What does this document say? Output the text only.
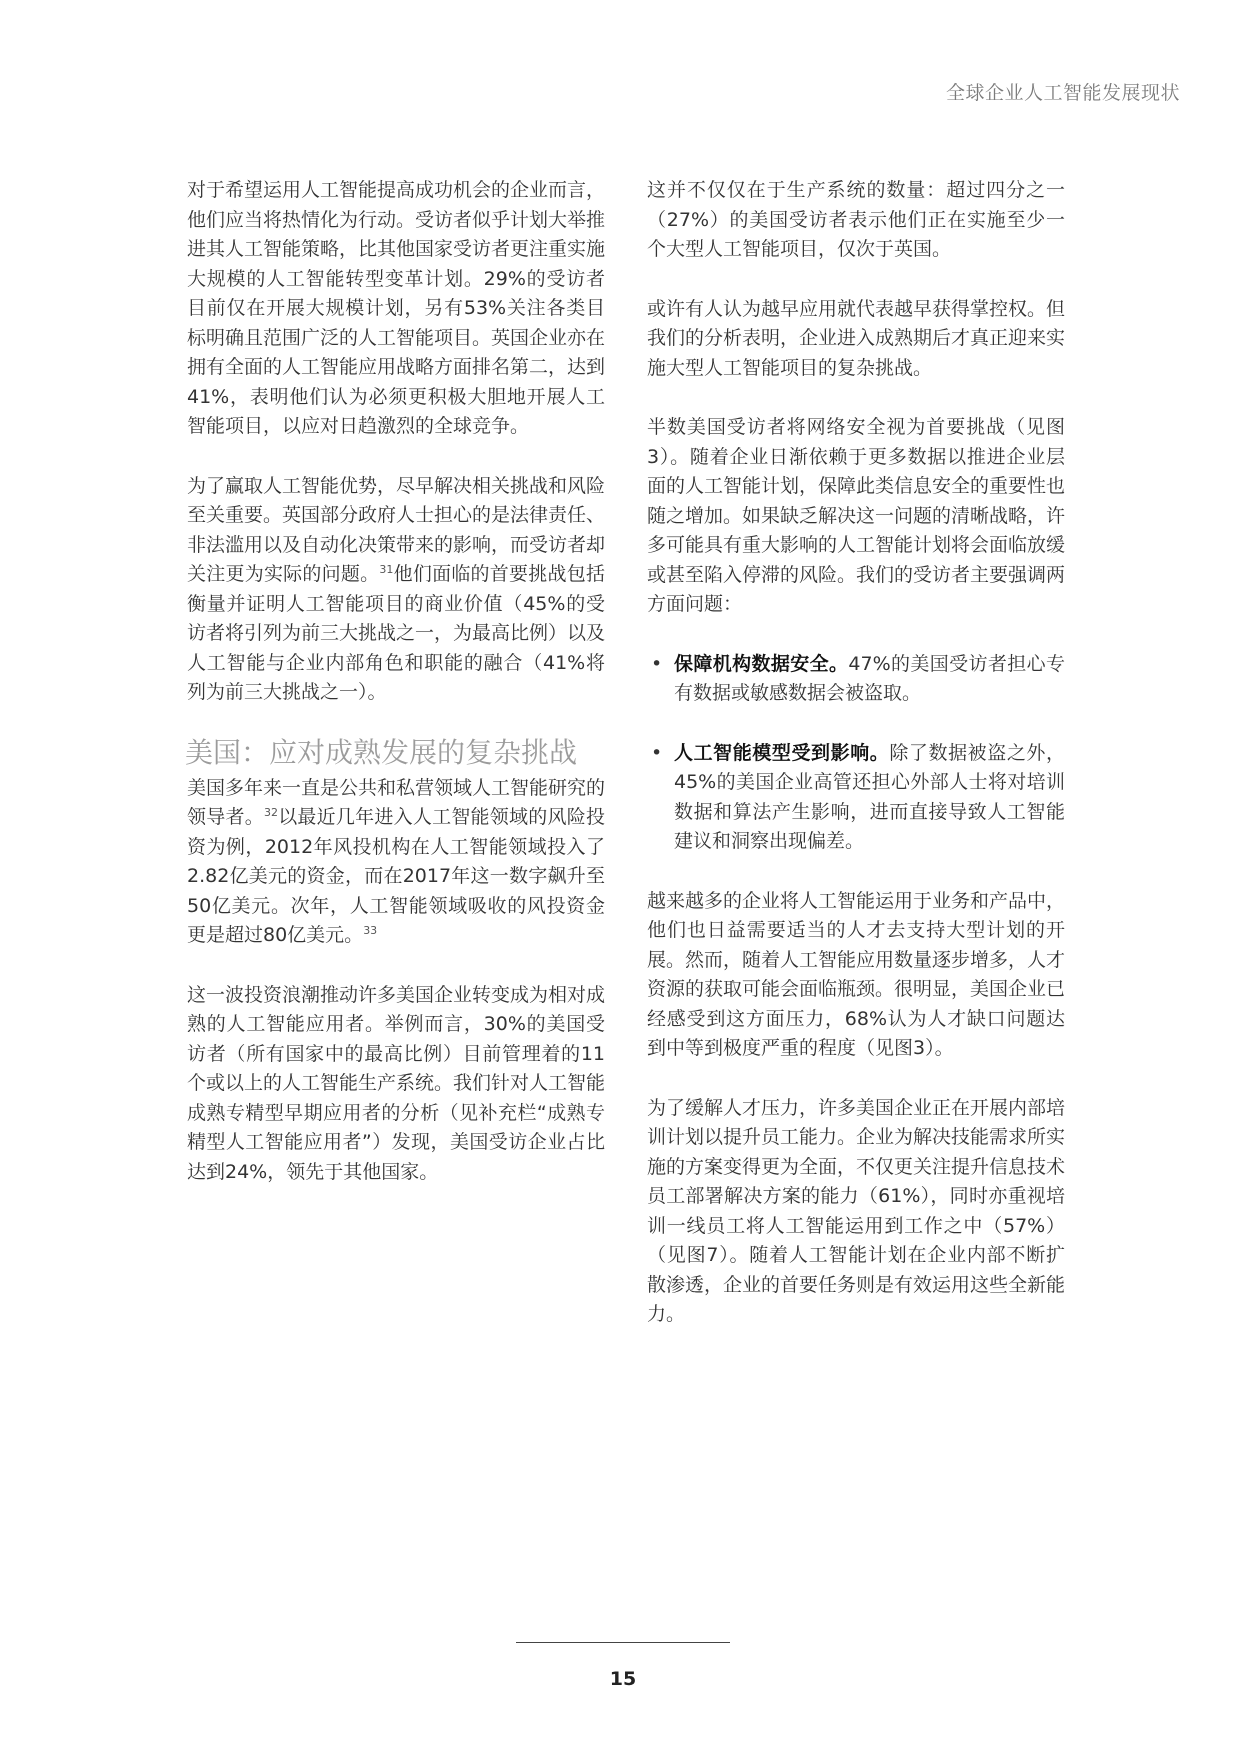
全球企业人工智能发展现状

对于希望运用人工智能提高成功机会的企业而言，他们应当将热情化为行动。受访者似乎计划大举推进其人工智能策略，比其他国家受访者更注重实施大规模的人工智能转型变革计划。29%的受访者目前仅在开展大规模计划，另有53%关注各类目标明确且范围广泛的人工智能项目。英国企业亦在拥有全面的人工智能应用战略方面排名第二，达到41%，表明他们认为必须更积极大胆地开展人工智能项目，以应对日趋激烈的全球竞争。

为了赢取人工智能优势，尽早解决相关挑战和风险至关重要。英国部分政府人士担心的是法律责任、非法滥用以及自动化决策带来的影响，而受访者却关注更为实际的问题。$^{31}$他们面临的首要挑战包括衡量并证明人工智能项目的商业价值（45%的受访者将引列为前三大挑战之一，为最高比例）以及人工智能与企业内部角色和职能的融合（41%将列为前三大挑战之一）。

美国：应对成熟发展的复杂挑战

美国多年来一直是公共和私营领域人工智能研究的领导者。$^{32}$以最近几年进入人工智能领域的风险投资为例，2012年风投机构在人工智能领域投入了2.82亿美元的资金，而在2017年这一数字飙升至50亿美元。次年，人工智能领域吸收的风投资金更是超过80亿美元。$^{33}$

这一波投资浪潮推动许多美国企业转变成为相对成熟的人工智能应用者。举例而言，30%的美国受访者（所有国家中的最高比例）目前管理着的11个或以上的人工智能生产系统。我们针对人工智能成熟专精型早期应用者的分析（见补充栏“成熟专精型人工智能应用者”）发现，美国受访企业占比达到24%，领先于其他国家。

这并不仅仅在于生产系统的数量：超过四分之一（27%）的美国受访者表示他们正在实施至少一个大型人工智能项目，仅次于英国。

或许有人认为越早应用就代表越早获得掌控权。但我们的分析表明，企业进入成熟期后才真正迎来实施大型人工智能项目的复杂挑战。

半数美国受访者将网络安全视为首要挑战（见图3）。随着企业日渐依赖于更多数据以推进企业层面的人工智能计划，保障此类信息安全的重要性也随之增加。如果缺乏解决这一问题的清晰战略，许多可能具有重大影响的人工智能计划将会面临放缓或甚至陷入停滞的风险。我们的受访者主要强调两方面问题：

• 保障机构数据安全。47%的美国受访者担心专有数据或敏感数据会被盗取。
• 人工智能模型受到影响。除了数据被盗之外，45%的美国企业高管还担心外部人士将对培训数据和算法产生影响，进而直接导致人工智能建议和洞察出现偏差。

越来越多的企业将人工智能运用于业务和产品中，他们也日益需要适当的人才去支持大型计划的开展。然而，随着人工智能应用数量逐步增多，人才资源的获取可能会面临瓶颈。很明显，美国企业已经感受到这方面压力，68%认为人才缺口问题达到中等到极度严重的程度（见图3）。

为了缓解人才压力，许多美国企业正在开展内部培训计划以提升员工能力。企业为解决技能需求所实施的方案变得更为全面，不仅更关注提升信息技术员工部署解决方案的能力（61%），同时亦重视培训一线员工将人工智能运用到工作之中（57%）（见图7）。随着人工智能计划在企业内部不断扩散渗透，企业的首要任务则是有效运用这些全新能力。

15
